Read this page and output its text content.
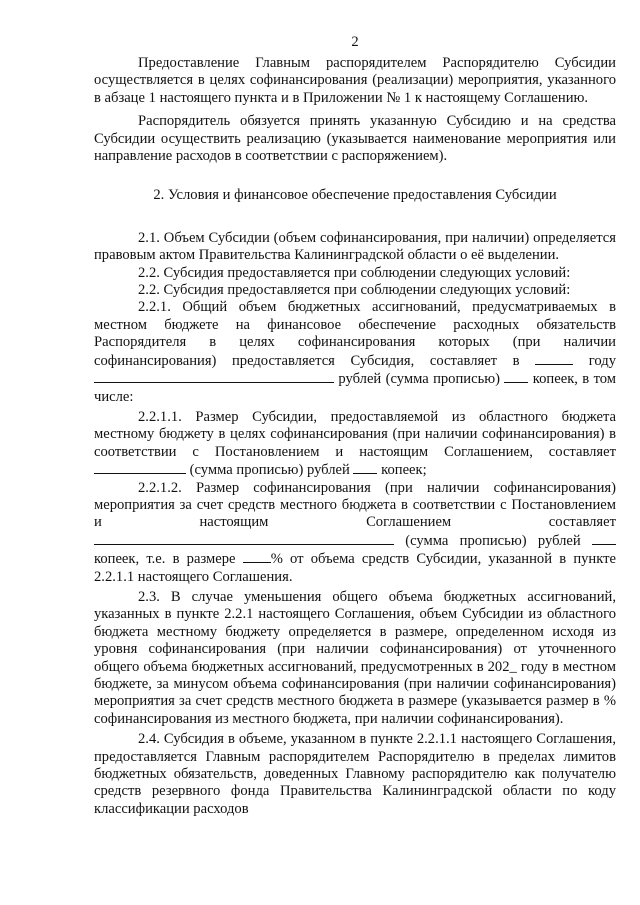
2

Предоставление Главным распорядителем Распорядителю Субсидии осуществляется в целях софинансирования (реализации) мероприятия, указанного в абзаце 1 настоящего пункта и в Приложении № 1 к настоящему Соглашению.

Распорядитель обязуется принять указанную Субсидию и на средства Субсидии осуществить реализацию (указывается наименование мероприятия или направление расходов в соответствии с распоряжением).

2. Условия и финансовое обеспечение предоставления Субсидии

2.1. Объем Субсидии (объем софинансирования, при наличии) определяется правовым актом Правительства Калининградской области о её выделении.

2.2. Субсидия предоставляется при соблюдении следующих условий:

2.2. Субсидия предоставляется при соблюдении следующих условий:

2.2.1. Общий объем бюджетных ассигнований, предусматриваемых в местном бюджете на финансовое обеспечение расходных обязательств Распорядителя в целях софинансирования которых (при наличии софинансирования) предоставляется Субсидия, составляет в	году  рублей (сумма прописью) копеек, в том числе:

2.2.1.1. Размер Субсидии, предоставляемой из областного бюджета местному бюджету в целях софинансирования (при наличии софинансирования) в соответствии с Постановлением и настоящим Соглашением, составляет  (сумма прописью) рублей копеек;

2.2.1.2. Размер софинансирования (при наличии софинансирования) мероприятия за счет средств местного бюджета в соответствии с Постановлением и настоящим Соглашением составляет  (сумма прописью) рублей  копеек, т.е. в размере % от объема средств Субсидии, указанной в пункте 2.2.1.1 настоящего Соглашения.

2.3. В случае уменьшения общего объема бюджетных ассигнований, указанных в пункте 2.2.1 настоящего Соглашения, объем Субсидии из областного бюджета местному бюджету определяется в размере, определенном исходя из уровня софинансирования (при наличии софинансирования) от уточненного общего объема бюджетных ассигнований, предусмотренных в 202_ году в местном бюджете, за минусом объема софинансирования (при наличии софинансирования) мероприятия за счет средств местного бюджета в размере (указывается размер в % софинансирования из местного бюджета, при наличии софинансирования).

2.4. Субсидия в объеме, указанном в пункте 2.2.1.1 настоящего Соглашения, предоставляется Главным распорядителем Распорядителю в пределах лимитов бюджетных обязательств, доведенных Главному распорядителю как получателю средств резервного фонда Правительства Калининградской области по коду классификации расходов
